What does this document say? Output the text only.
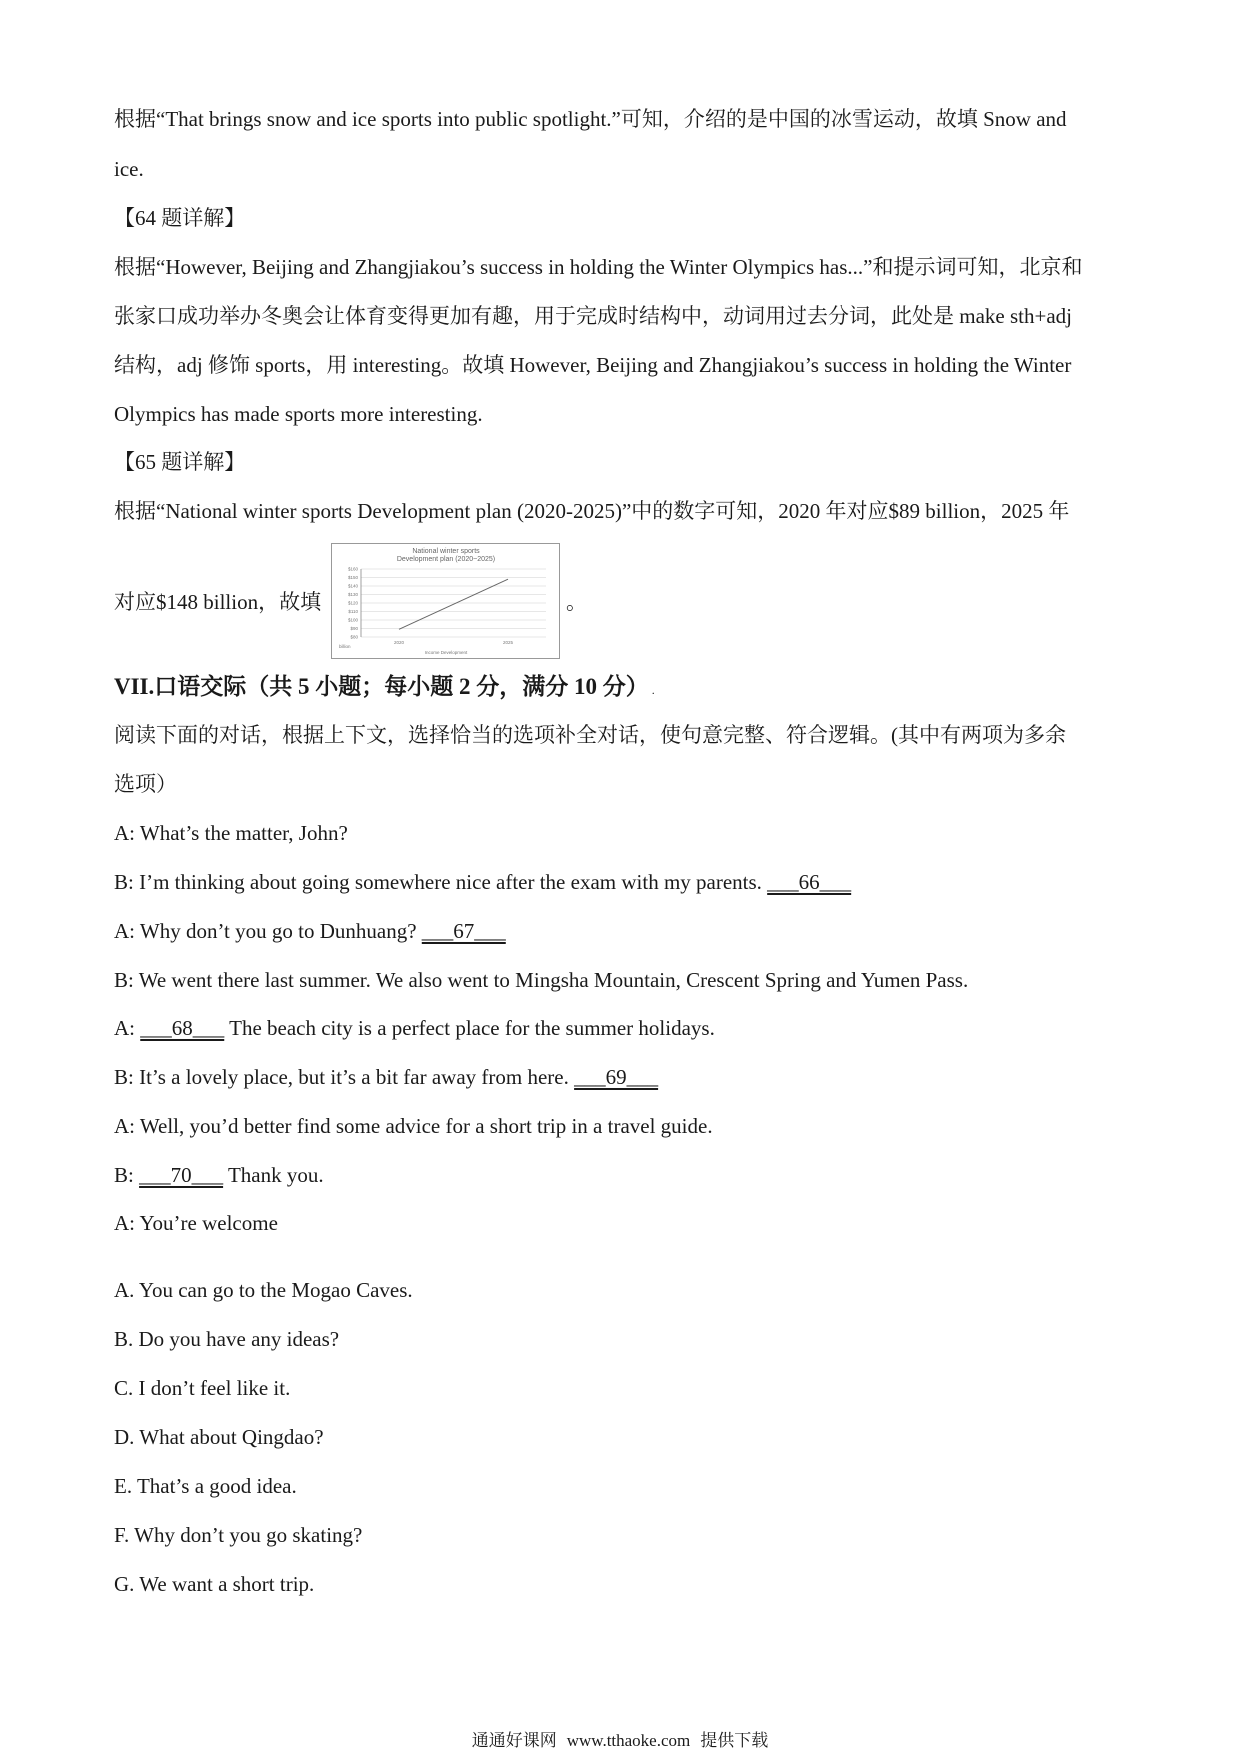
根据“That brings snow and ice sports into public spotlight.”可知，介绍的是中国的冰雪运动，故填 Snow and
ice.
【64 题详解】
根据“However, Beijing and Zhangjiakou’s success in holding the Winter Olympics has...”和提示词可知，北京和
张家口成功举办冬奥会让体育变得更加有趣，用于完成时结构中，动词用过去分词，此处是 make sth+adj
结构，adj 修饰 sports，用 interesting。故填 However, Beijing and Zhangjiakou’s success in holding the Winter
Olympics has made sports more interesting.
【65 题详解】
根据“National winter sports Development plan (2020-2025)”中的数字可知，2020 年对应$89 billion，2025 年
对应$148 billion，故填	。
National winter sports
Development plan (2020~2025)
$160
$150
$140
$130
$120
$110
$100
$90
$80
2020	2025
Income Development
billion
VII.口语交际（共 5 小题；每小题 2 分，满分 10 分） .
阅读下面的对话，根据上下文，选择恰当的选项补全对话，使句意完整、符合逻辑。(其中有两项为多余
选项）
A: What’s the matter, John?
B: I’m thinking about going somewhere nice after the exam with my parents. ___66___
A: Why don’t you go to Dunhuang? ___67___
B: We went there last summer. We also went to Mingsha Mountain, Crescent Spring and Yumen Pass.
A: ___68___ The beach city is a perfect place for the summer holidays.
B: It’s a lovely place, but it’s a bit far away from here. ___69___
A: Well, you’d better find some advice for a short trip in a travel guide.
B: ___70___ Thank you.
A: You’re welcome
A. You can go to the Mogao Caves.
B. Do you have any ideas?
C. I don’t feel like it.
D. What about Qingdao?
E. That’s a good idea.
F. Why don’t you go skating?
G. We want a short trip.
通通好课网 www.tthaoke.com 提供下载
